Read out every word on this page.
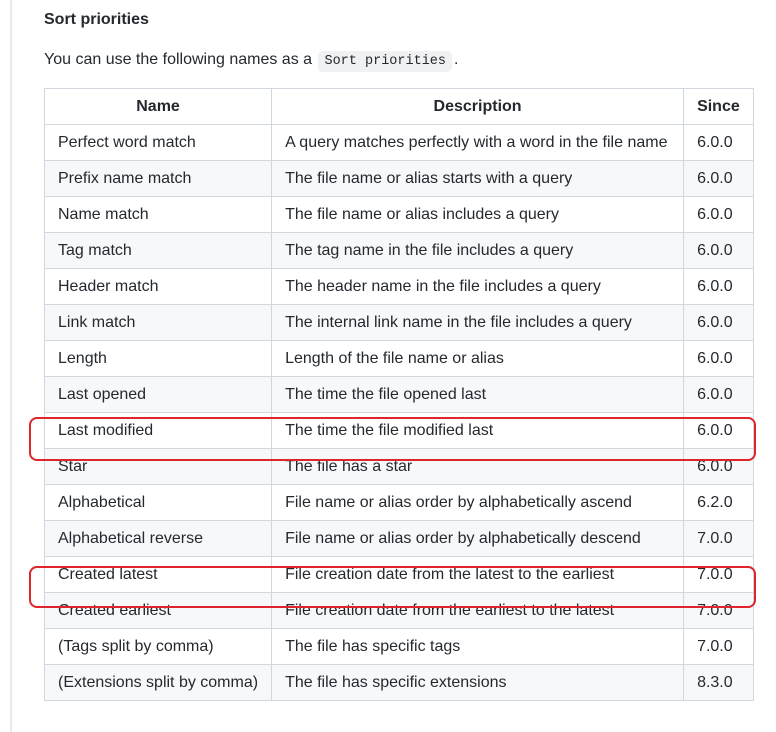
Sort priorities
You can use the following names as a Sort priorities .
Name	Description	Since
Perfect word match	A query matches perfectly with a word in the file name	6.0.0
Prefix name match	The file name or alias starts with a query	6.0.0
Name match	The file name or alias includes a query	6.0.0
Tag match	The tag name in the file includes a query	6.0.0
Header match	The header name in the file includes a query	6.0.0
Link match	The internal link name in the file includes a query	6.0.0
Length	Length of the file name or alias	6.0.0
Last opened	The time the file opened last	6.0.0
Last modified	The time the file modified last	6.0.0
Star	The file has a star	6.0.0
Alphabetical	File name or alias order by alphabetically ascend	6.2.0
Alphabetical reverse	File name or alias order by alphabetically descend	7.0.0
Created latest	File creation date from the latest to the earliest	7.0.0
Created earliest	File creation date from the earliest to the latest	7.0.0
(Tags split by comma)	The file has specific tags	7.0.0
(Extensions split by comma)	The file has specific extensions	8.3.0
